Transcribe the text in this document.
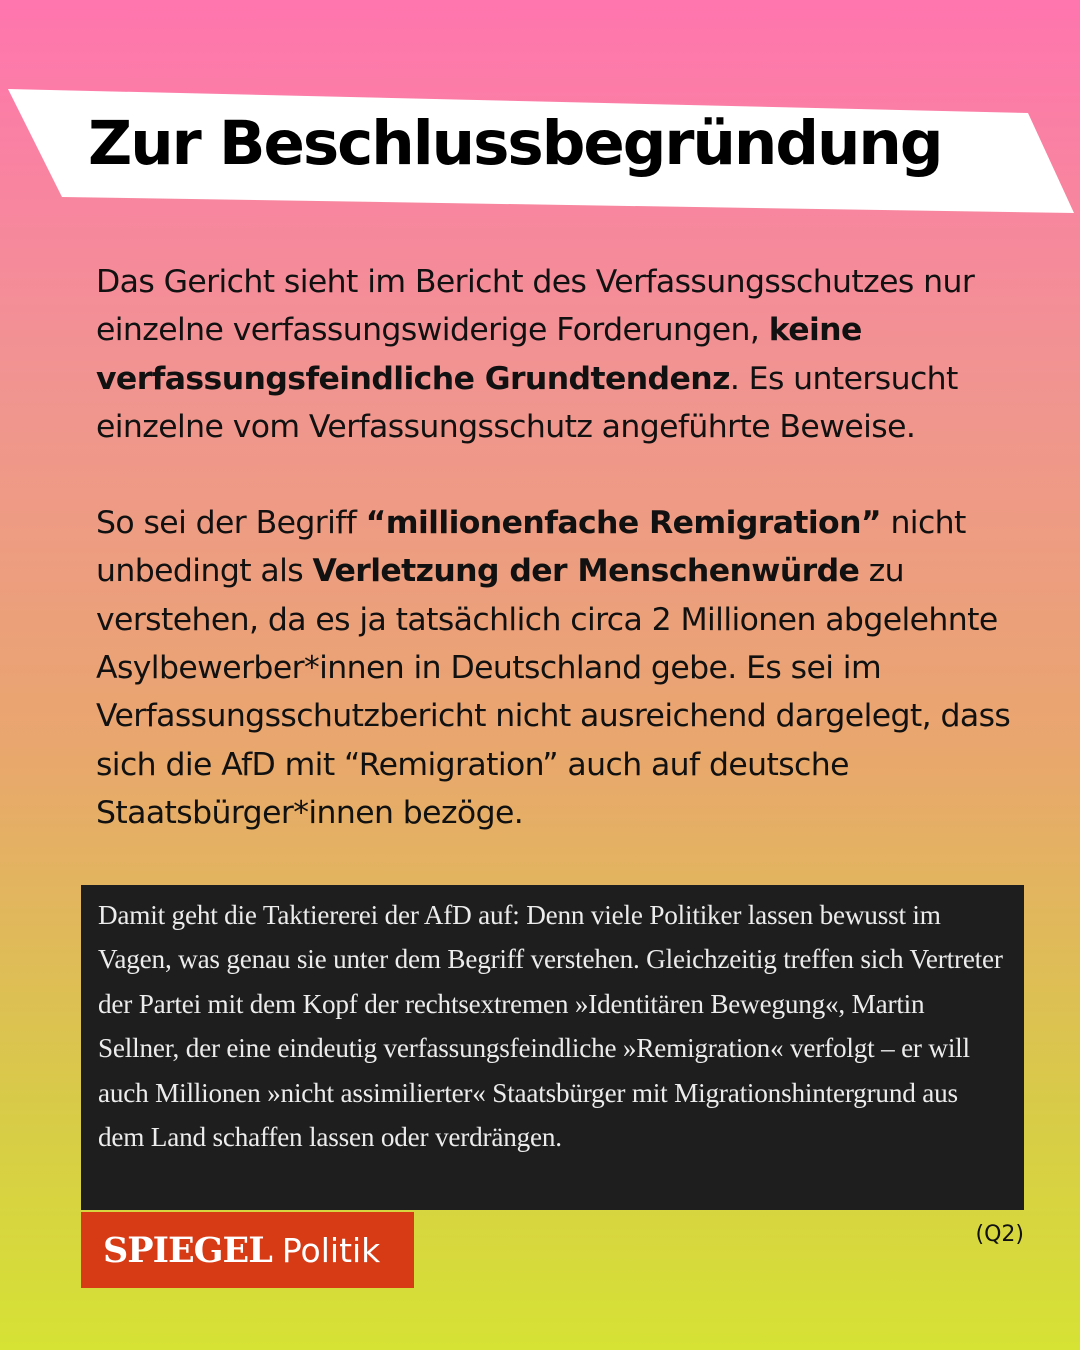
Zur Beschlussbegründung

Das Gericht sieht im Bericht des Verfassungsschutzes nur einzelne verfassungswiderige Forderungen, keine verfassungsfeindliche Grundtendenz. Es untersucht einzelne vom Verfassungsschutz angeführte Beweise.

So sei der Begriff “millionenfache Remigration” nicht unbedingt als Verletzung der Menschenwürde zu verstehen, da es ja tatsächlich circa 2 Millionen abgelehnte Asylbewerber*innen in Deutschland gebe. Es sei im Verfassungsschutzbericht nicht ausreichend dargelegt, dass sich die AfD mit “Remigration” auch auf deutsche Staatsbürger*innen bezöge.

Damit geht die Taktiererei der AfD auf: Denn viele Politiker lassen bewusst im Vagen, was genau sie unter dem Begriff verstehen. Gleichzeitig treffen sich Vertreter der Partei mit dem Kopf der rechtsextremen »Identitären Bewegung«, Martin Sellner, der eine eindeutig verfassungsfeindliche »Remigration« verfolgt – er will auch Millionen »nicht assimilierter« Staatsbürger mit Migrationshintergrund aus dem Land schaffen lassen oder verdrängen.
SPIEGEL Politik	(Q2)
